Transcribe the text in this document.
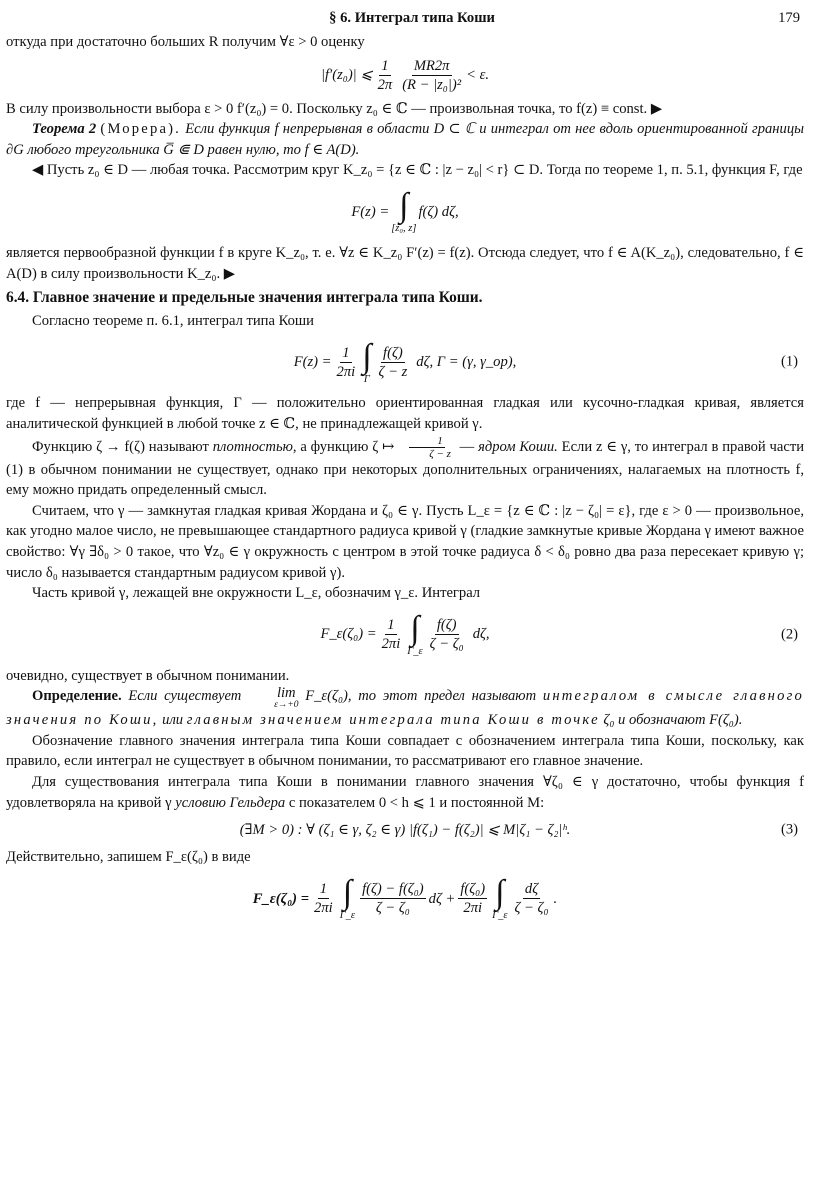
§ 6. Интеграл типа Коши	179

откуда при достаточно больших R получим ∀ε > 0 оценку

|f′(z₀)| ⩽ $\frac{1}{2\pi} \frac{MR2\pi}{\text{(R − |z₀|)²}} < \varepsilon$.

В силу произвольности выбора ε > 0 f′(z₀) = 0. Поскольку z₀ ∈ ℂ — произвольная точка, то f(z) ≡ const. ▶

Теорема 2 (Морера). Если функция f непрерывная в области D ⊂ ℂ и интеграл от нее вдоль ориентированной границы ∂G любого треугольника G̅ ⋐ D равен нулю, то f ∈ A(D).

◀ Пусть z₀ ∈ D — любая точка. Рассмотрим круг K_z₀ = {z ∈ ℂ : |z − z₀| < r} ⊂ D. Тогда по теореме 1, п. 5.1, функция F, где

F(z) = ∫
[z₀, z]
f(ζ) dζ,

является первообразной функции f в круге K_z₀, т. е. ∀z ∈ K_z₀ F′(z) = f(z). Отсюда следует, что f ∈ A(K_z₀), следовательно, f ∈ A(D) в силу произвольности K_z₀. ▶

6.4. Главное значение и предельные значения интеграла типа Коши.

Согласно теореме п. 6.1, интеграл типа Коши

$F(z) = \frac{1}{2\pi i}$ ∫
Γ $\frac{f(\zeta)}{\zeta - z} d\zeta$, Γ = (γ, γ_ор),	(1)

где f — непрерывная функция, Γ — положительно ориентированная гладкая или кусочно-гладкая кривая, является аналитической функцией в любой точке z ∈ ℂ, не принадлежащей кривой γ.

Функцию ζ → f(ζ) называют плотностью, а функцию ζ ↦ $\frac{1}{\zeta - z}$ — ядром Коши. Если z ∈ γ, то интеграл в правой части (1) в обычном понимании не существует, однако при некоторых дополнительных ограничениях, налагаемых на плотность f, ему можно придать определенный смысл.

Считаем, что γ — замкнутая гладкая кривая Жордана и ζ₀ ∈ γ. Пусть L_ε = {z ∈ ℂ : |z − ζ₀| = ε}, где ε > 0 — произвольное, как угодно малое число, не превышающее стандартного радиуса кривой γ (гладкие замкнутые кривые Жордана γ имеют важное свойство: ∀γ ∃δ₀ > 0 такое, что ∀z₀ ∈ γ окружность с центром в этой точке радиуса δ < δ₀ ровно два раза пересекает кривую γ; число δ₀ называется стандартным радиусом кривой γ).

Часть кривой γ, лежащей вне окружности L_ε, обозначим γ_ε. Интеграл

F_ε(ζ₀) = $\frac{1}{2\pi i}$ ∫
Γ_ε $\frac{f(\zeta)}{\text{ζ − ζ₀}} d\zeta$,	(2)

очевидно, существует в обычном понимании.

Определение. Если существует	lim
ε→+0
F_ε(ζ₀), то этот предел называют интегралом в смысле главного значения по Коши, или главным значением интеграла типа Коши в точке ζ₀ и обозначают F(ζ₀).

Обозначение главного значения интеграла типа Коши совпадает с обозначением интеграла типа Коши, поскольку, как правило, если интеграл не существует в обычном понимании, то рассматривают его главное значение.

Для существования интеграла типа Коши в понимании главного значения ∀ζ₀ ∈ γ достаточно, чтобы функция f удовлетворяла на кривой γ условию Гельдера с показателем 0 < h ⩽ 1 и постоянной M:

(∃M > 0) : ∀ (ζ₁ ∈ γ, ζ₂ ∈ γ) |f(ζ₁) − f(ζ₂)| ⩽ M|ζ₁ − ζ₂|ʰ.	(3)

Действительно, запишем F_ε(ζ₀) в виде

F_ε(ζ₀) = $\frac{1}{2\pi i}$ ∫
Γ_ε $\frac{\text{f(ζ) − f(ζ₀)}}{\text{ζ − ζ₀}}$ $d\zeta + \frac{\text{f(ζ₀)}}{2\pi i}$ ∫
Γ_ε $\frac{d\zeta}{\text{ζ − ζ₀}}$ .
